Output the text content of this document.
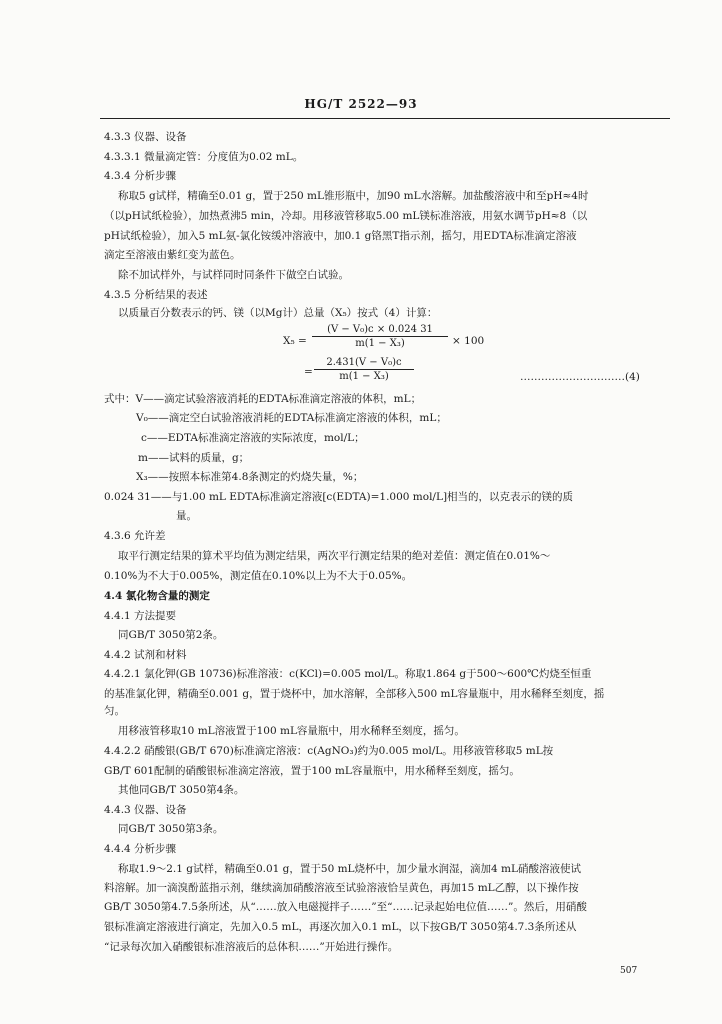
HG/T 2522—93
4.3.3 仪器、设备
4.3.3.1 微量滴定管：分度值为0.02 mL。
4.3.4 分析步骤
称取5 g试样，精确至0.01 g，置于250 mL锥形瓶中，加90 mL水溶解。加盐酸溶液中和至pH≈4时
（以pH试纸检验），加热煮沸5 min，冷却。用移液管移取5.00 mL镁标准溶液，用氨水调节pH≈8（以
pH试纸检验），加入5 mL氨-氯化铵缓冲溶液中，加0.1 g铬黑T指示剂，摇匀，用EDTA标准滴定溶液
滴定至溶液由紫红变为蓝色。
除不加试样外，与试样同时同条件下做空白试验。
4.3.5 分析结果的表述
以质量百分数表示的钙、镁（以Mg计）总量（X₅）按式（4）计算：
X₅ =
(V − V₀)c × 0.024 31
m(1 − X₃)	× 100
=
2.431(V − V₀)c
m(1 − X₃)	…………………………(4)
式中：V——滴定试验溶液消耗的EDTA标准滴定溶液的体积，mL；
V₀——滴定空白试验溶液消耗的EDTA标准滴定溶液的体积，mL；
c——EDTA标准滴定溶液的实际浓度，mol/L；
m——试料的质量，g；
X₃——按照本标准第4.8条测定的灼烧失量，%；
0.024 31——与1.00 mL EDTA标准滴定溶液[c(EDTA)=1.000 mol/L]相当的，以克表示的镁的质
量。
4.3.6 允许差
取平行测定结果的算术平均值为测定结果，两次平行测定结果的绝对差值：测定值在0.01%～
0.10%为不大于0.005%，测定值在0.10%以上为不大于0.05%。
4.4 氯化物含量的测定
4.4.1 方法提要
同GB/T 3050第2条。
4.4.2 试剂和材料
4.4.2.1 氯化钾(GB 10736)标准溶液：c(KCl)=0.005 mol/L。称取1.864 g于500～600℃灼烧至恒重
的基准氯化钾，精确至0.001 g，置于烧杯中，加水溶解，全部移入500 mL容量瓶中，用水稀释至刻度，摇
匀。
用移液管移取10 mL溶液置于100 mL容量瓶中，用水稀释至刻度，摇匀。
4.4.2.2 硝酸银(GB/T 670)标准滴定溶液：c(AgNO₃)约为0.005 mol/L。用移液管移取5 mL按
GB/T 601配制的硝酸银标准滴定溶液，置于100 mL容量瓶中，用水稀释至刻度，摇匀。
其他同GB/T 3050第4条。
4.4.3 仪器、设备
同GB/T 3050第3条。
4.4.4 分析步骤
称取1.9～2.1 g试样，精确至0.01 g，置于50 mL烧杯中，加少量水润湿，滴加4 mL硝酸溶液使试
料溶解。加一滴溴酚蓝指示剂，继续滴加硝酸溶液至试验溶液恰呈黄色，再加15 mL乙醇，以下操作按
GB/T 3050第4.7.5条所述，从“……放入电磁搅拌子……”至“……记录起始电位值……”。然后，用硝酸
银标准滴定溶液进行滴定，先加入0.5 mL，再逐次加入0.1 mL，以下按GB/T 3050第4.7.3条所述从
“记录每次加入硝酸银标准溶液后的总体积……”开始进行操作。
507
